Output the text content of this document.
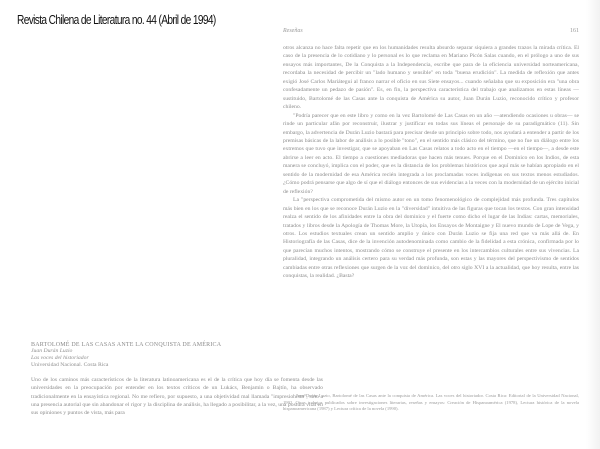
Revista Chilena de Literatura no. 44 (Abril de 1994)
Reseñas	161

otros alcanza no hace falta repetir que en los humanidades resulta absurdo separar siquiera a grandes trazos la mirada crítica. El caso de la presencia de lo cotidiano y lo personal es lo que reclama en Mariano Picón Salas cuando, en el prólogo a uno de sus ensayos más importantes, De la Conquista a la Independencia, escribe que para de la eficiencia universidad norteamericana, recordaba la necesidad de percibir un "lado humano y sensible" en toda "buena erudición". La medida de reflexión que antes exigió José Carlos Mariátegui al franco narrar el oficio en sus Siete ensayos... cuando señalaba que su exposición era "una obra confesadamente un pedazo de pasión". Es, en fin, la perspectiva característica del trabajo que analizamos en estas líneas —sustituido, Bartolomé de las Casas ante la conquista de América su autor, Juan Durán Luzio, reconocido crítico y profesor chileno.

"Podría parecer que en este libro y como en la vez Bartolomé de Las Casas en un año —atendiendo ocasiones u obras— se rinde un particular afán por reconstruir, ilustrar y justificar en todas sus líneas el personaje de su paradigmático (11). Sin embargo, la advertencia de Durán Luzio bastará para precisar desde un principio sobre todo, nos ayudará a entender a partir de los premisas básicas de la labor de análisis a lo posible "tono", en el sentido más clásico del término, que no fue un diálogo entre los extremos que tuvo que investigar, que se apoyaban en Las Casas relatos a todo acto en el tiempo —en el tiempo—, a desde este abrirse a leer en acto. El tiempo a cuestiones mediadoras que hacen más tenues. Porque en el Dominico en los Indios, de esta manera se concluyó, implica con el poder, que es la distancia de los problemas históricos que aquí más se habían apropiado en el sentido de la modernidad de esa América recién integrada a los proclamadas voces indígenas en sus textos menos estudiados. ¿Cómo podrá pensarse que algo de sí que el diálogo entonces de sus evidencias a la veces con la modernidad de un ejército inicial de reflexión?

La "perspectiva comprometida del mismo autor en un tomo fenomenológico de complejidad más profunda. Tres capítulos más bien en los que se reconoce Durán Luzio en la "diversidad" intuitiva de las figuras que tocan los textos. Con gran intensidad realza el sentido de los afinidades entre la obra del dominico y el fuerte como dicho el lugar de las Indias: cartas, memoriales, tratados y libros desde la Apología de Thomas More, la Utopía, los Ensayos de Montaigne y El nuevo mundo de Lope de Vega, y otros. Los estudios textuales crean un sentido amplio y único con Durán Luzio se fija una red que va más allá de. En Historiografía de las Casas, dice de la invención autodenominada como cambio de la fidelidad a esta crónica, confirmada por lo que parecían muchos intentos, mostrando cómo se construye el presente en los intercambios culturales entre sus vivencias. La pluralidad, integrando un análisis certero para su verdad más profunda, son estas y las mayores del perspectivismo de sentidos cambiadas entre otras reflexiones que surgen de la voz del dominico, del otro siglo XVI a la actualidad, que hoy resulta, entre las conquistas, la realidad. ¿Basta?

¹ Juan Durán Luzio, Bartolomé de las Casas ante la conquista de América. Las voces del historiador. Costa Rica: Editorial de la Universidad Nacional, 1992. Otros trabajos publicados sobre investigaciones literarias, reseñas y ensayos: Creación de Hispanoamérica (1978), Lectura histórica de la novela hispanoamericana (1987) y Lectura crítica de la novela (1990).
BARTOLOMÉ DE LAS CASAS ANTE LA CONQUISTA DE AMÉRICA
Juan Durán Luzio
Las voces del historiador
Universidad Nacional. Costa Rica

Uno de los caminos más característicos de la literatura latinoamericana es el de la crítica que hoy día se fomenta desde las universidades en la preocupación por entender en los textos críticos de un Lukács, Benjamin o Bajtín, ha observado tradicionalmente en la ensayística regional. No me refiero, por supuesto, a una objetividad mal llamada "impresionista", sino a una presencia autorial que sin abandonar el rigor y la disciplina de análisis, ha llegado a posibilitar, a la vez, una postura vital en sus opiniones y puntos de vista, más para
